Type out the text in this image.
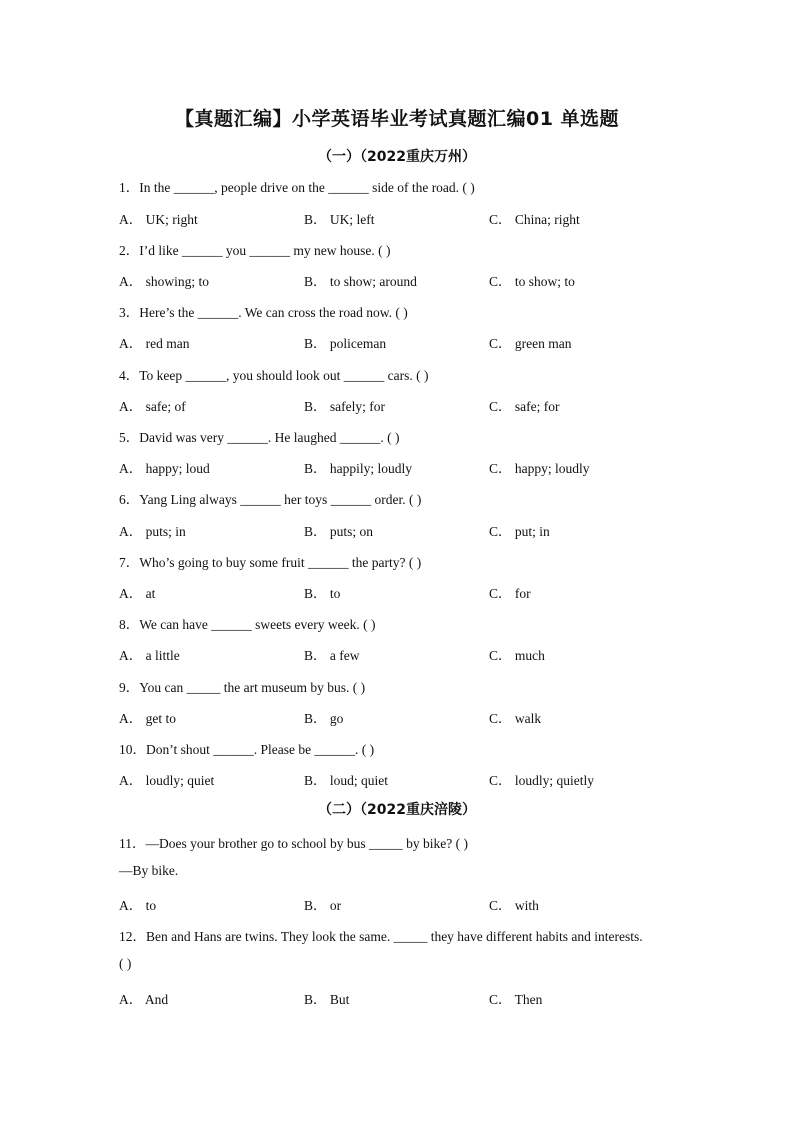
【真题汇编】小学英语毕业考试真题汇编01 单选题
（一）（2022重庆万州）
1．In the ______, people drive on the ______ side of the road. ( )
A． UK; right	B． UK; left	C． China; right
2．I’d like ______ you ______ my new house. ( )
A． showing; to	B． to show; around	C． to show; to
3．Here’s the ______. We can cross the road now. ( )
A． red man	B． policeman	C． green man
4．To keep ______, you should look out ______ cars. ( )
A． safe; of	B． safely; for	C． safe; for
5．David was very ______. He laughed ______. ( )
A． happy; loud	B． happily; loudly	C． happy; loudly
6．Yang Ling always ______ her toys ______ order. ( )
A． puts; in	B． puts; on	C． put; in
7．Who’s going to buy some fruit ______ the party? ( )
A． at	B． to	C． for
8．We can have ______ sweets every week. ( )
A． a little	B． a few	C． much
9．You can _____ the art museum by bus. ( )
A． get to	B． go	C． walk
10．Don’t shout ______. Please be ______. ( )
A． loudly; quiet	B． loud; quiet	C． loudly; quietly
（二）（2022重庆涪陵）
11．—Does your brother go to school by bus _____ by bike? ( )
—By bike.
A． to	B． or	C． with
12．Ben and Hans are twins. They look the same. _____ they have different habits and interests.
( )
A． And	B． But	C． Then
